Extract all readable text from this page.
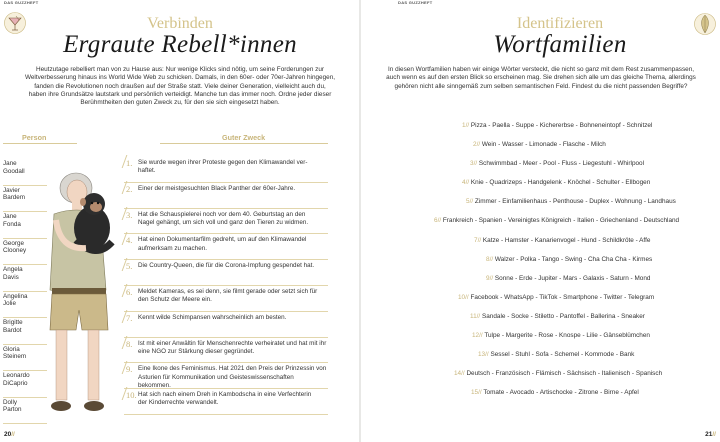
DAS GUZZHEFT
Verbinden
Ergraute Rebell*innen
Heutzutage rebelliert man von zu Hause aus: Nur wenige Klicks sind nötig, um seine Forderungen zur
Weltverbesserung hinaus ins World Wide Web zu schicken. Damals, in den 60er- oder 70er-Jahren hingegen,
fanden die Revolutionen noch draußen auf der Straße statt. Viele deiner Generation, vielleicht auch du,
haben ihre Grundsätze lautstark und persönlich verteidigt. Manche tun das immer noch. Ordne jeder dieser
Berühmtheiten den guten Zweck zu, für den sie sich eingesetzt haben.
Person	Guter Zweck
Jane
Goodall
Javier
Bardem
Jane
Fonda
George
Clooney
Angela
Davis
Angelina
Jolie
Brigitte
Bardot
Gloria
Steinem
Leonardo
DiCaprio
Dolly
Parton
1. Sie wurde wegen ihrer Proteste gegen den Klimawandel ver-
haftet.
2. Einer der meistgesuchten Black Panther der 60er-Jahre.
3. Hat die Schauspielerei noch vor dem 40. Geburtstag an den
Nagel gehängt, um sich voll und ganz den Tieren zu widmen.
4. Hat einen Dokumentarfilm gedreht, um auf den Klimawandel
aufmerksam zu machen.
5. Die Country-Queen, die für die Corona-Impfung gespendet hat.
6. Meldet Kameras, es sei denn, sie filmt gerade oder setzt sich für
den Schutz der Meere ein.
7. Kennt wilde Schimpansen wahrscheinlich am besten.
8. Ist mit einer Anwältin für Menschenrechte verheiratet und hat mit ihr
eine NGO zur Stärkung dieser gegründet.
9. Eine Ikone des Feminismus. Hat 2021 den Preis der Prinzessin von
Asturien für Kommunikation und Geisteswissenschaften bekommen.
10. Hat sich nach einem Dreh in Kambodscha in eine Verfechterin
der Kinderrechte verwandelt.
20//
DAS GUZZHEFT
Identifizieren
Wortfamilien
In diesen Wortfamilien haben wir einige Wörter versteckt, die nicht so ganz mit dem Rest zusammenpassen,
auch wenn es auf den ersten Blick so erscheinen mag. Sie drehen sich alle um das gleiche Thema, allerdings
gehören nicht alle sinngemäß zum selben semantischen Feld. Findest du die nicht passenden Begriffe?
1// Pizza - Paella - Suppe - Kichererbse - Bohneneintopf - Schnitzel
2// Wein - Wasser - Limonade - Flasche - Milch
3// Schwimmbad - Meer - Pool - Fluss - Liegestuhl - Whirlpool
4// Knie - Quadrizeps - Handgelenk - Knöchel - Schulter - Ellbogen
5// Zimmer - Einfamilienhaus - Penthouse - Duplex - Wohnung - Landhaus
6// Frankreich - Spanien - Vereinigtes Königreich - Italien - Griechenland - Deutschland
7// Katze - Hamster - Kanarienvogel - Hund - Schildkröte - Affe
8// Walzer - Polka - Tango - Swing - Cha Cha Cha - Kirmes
9// Sonne - Erde - Jupiter - Mars - Galaxis - Saturn - Mond
10// Facebook - WhatsApp - TikTok - Smartphone - Twitter - Telegram
11// Sandale - Socke - Stiletto - Pantoffel - Ballerina - Sneaker
12// Tulpe - Margerite - Rose - Knospe - Lilie - Gänseblümchen
13// Sessel - Stuhl - Sofa - Schemel - Kommode - Bank
14// Deutsch - Französisch - Flämisch - Sächsisch - Italienisch - Spanisch
15// Tomate - Avocado - Artischocke - Zitrone - Birne - Apfel
21//
